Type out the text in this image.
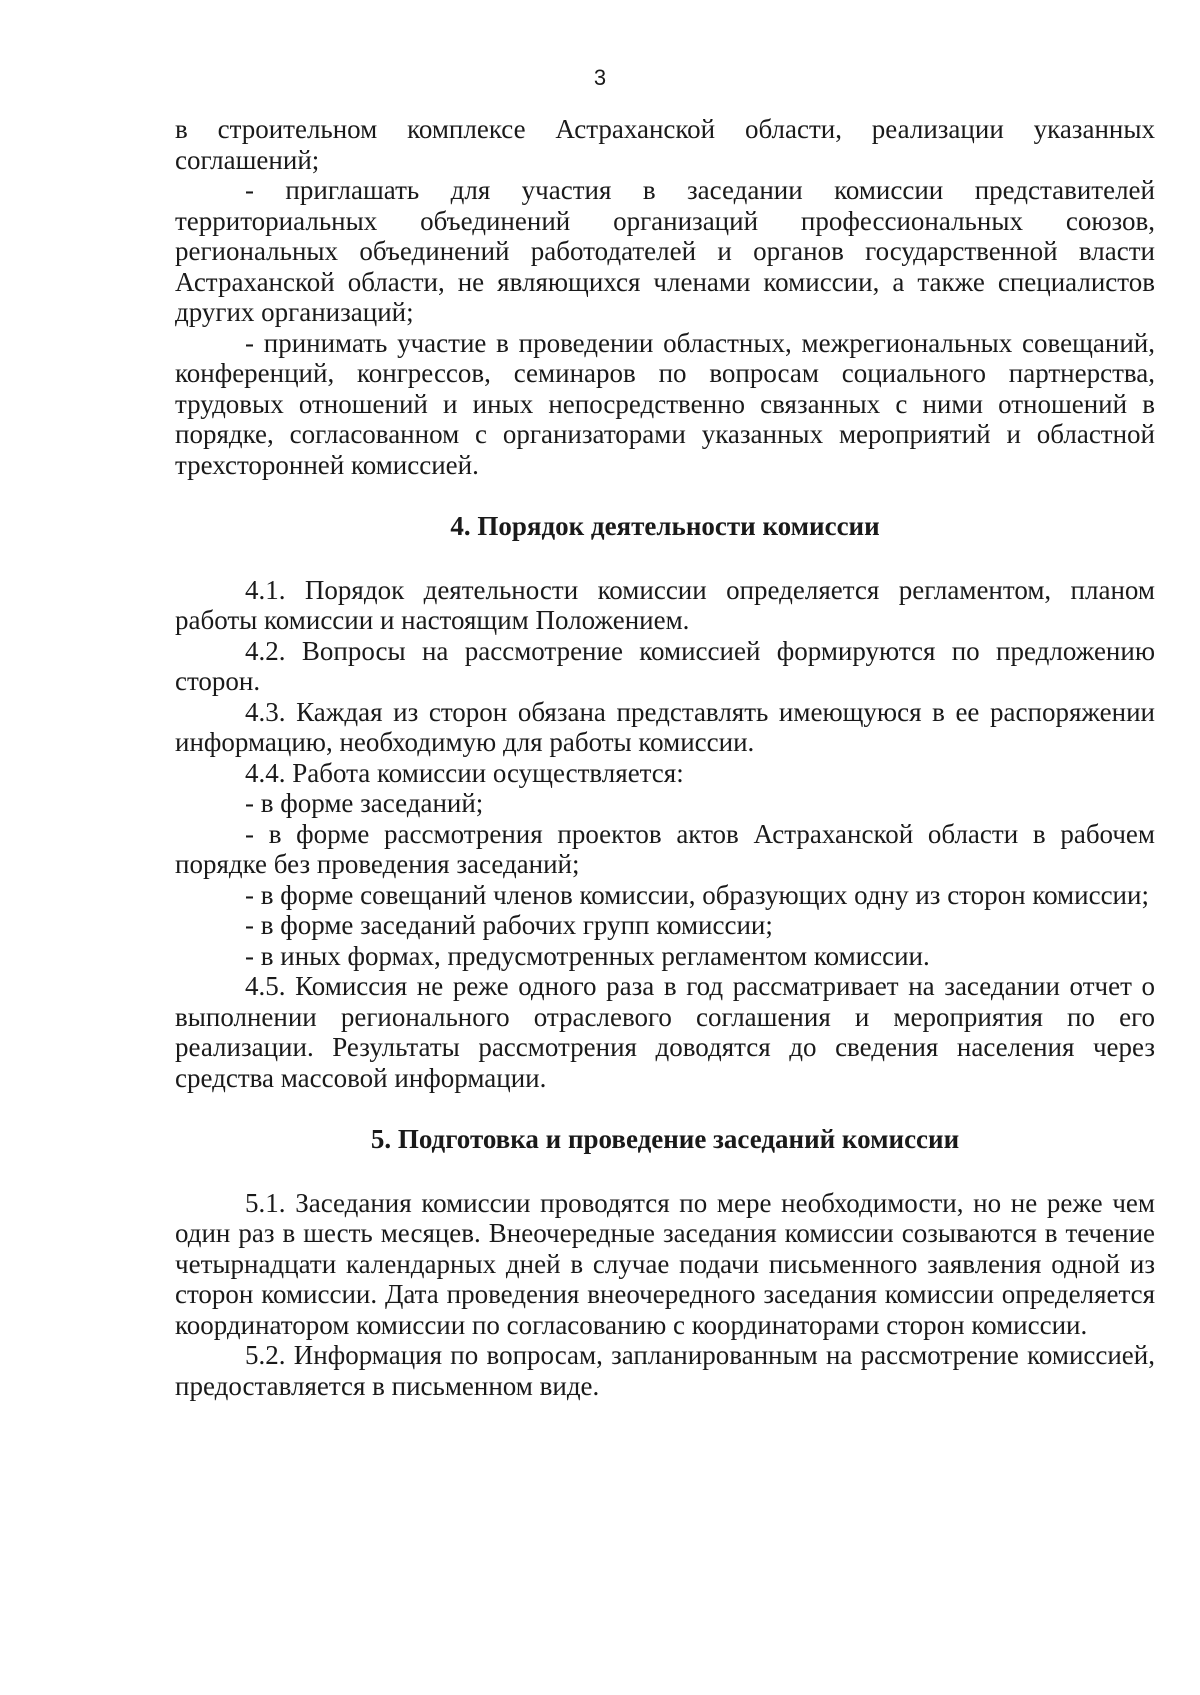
3

в строительном комплексе Астраханской области, реализации указанных соглашений;

- приглашать для участия в заседании комиссии представителей территориальных объединений организаций профессиональных союзов, региональных объединений работодателей и органов государственной власти Астраханской области, не являющихся членами комиссии, а также специалистов других организаций;

- принимать участие в проведении областных, межрегиональных совещаний, конференций, конгрессов, семинаров по вопросам социального партнерства, трудовых отношений и иных непосредственно связанных с ними отношений в порядке, согласованном с организаторами указанных мероприятий и областной трехсторонней комиссией.

4. Порядок деятельности комиссии

4.1. Порядок деятельности комиссии определяется регламентом, планом работы комиссии и настоящим Положением.

4.2. Вопросы на рассмотрение комиссией формируются по предложению сторон.

4.3. Каждая из сторон обязана представлять имеющуюся в ее распоряжении информацию, необходимую для работы комиссии.

4.4. Работа комиссии осуществляется:

- в форме заседаний;

- в форме рассмотрения проектов актов Астраханской области в рабочем порядке без проведения заседаний;

- в форме совещаний членов комиссии, образующих одну из сторон комиссии;

- в форме заседаний рабочих групп комиссии;

- в иных формах, предусмотренных регламентом комиссии.

4.5. Комиссия не реже одного раза в год рассматривает на заседании отчет о выполнении регионального отраслевого соглашения и мероприятия по его реализации. Результаты рассмотрения доводятся до сведения населения через средства массовой информации.

5. Подготовка и проведение заседаний комиссии

5.1. Заседания комиссии проводятся по мере необходимости, но не реже чем один раз в шесть месяцев. Внеочередные заседания комиссии созываются в течение четырнадцати календарных дней в случае подачи письменного заявления одной из сторон комиссии. Дата проведения внеочередного заседания комиссии определяется координатором комиссии по согласованию с координаторами сторон комиссии.

5.2. Информация по вопросам, запланированным на рассмотрение комиссией, предоставляется в письменном виде.
